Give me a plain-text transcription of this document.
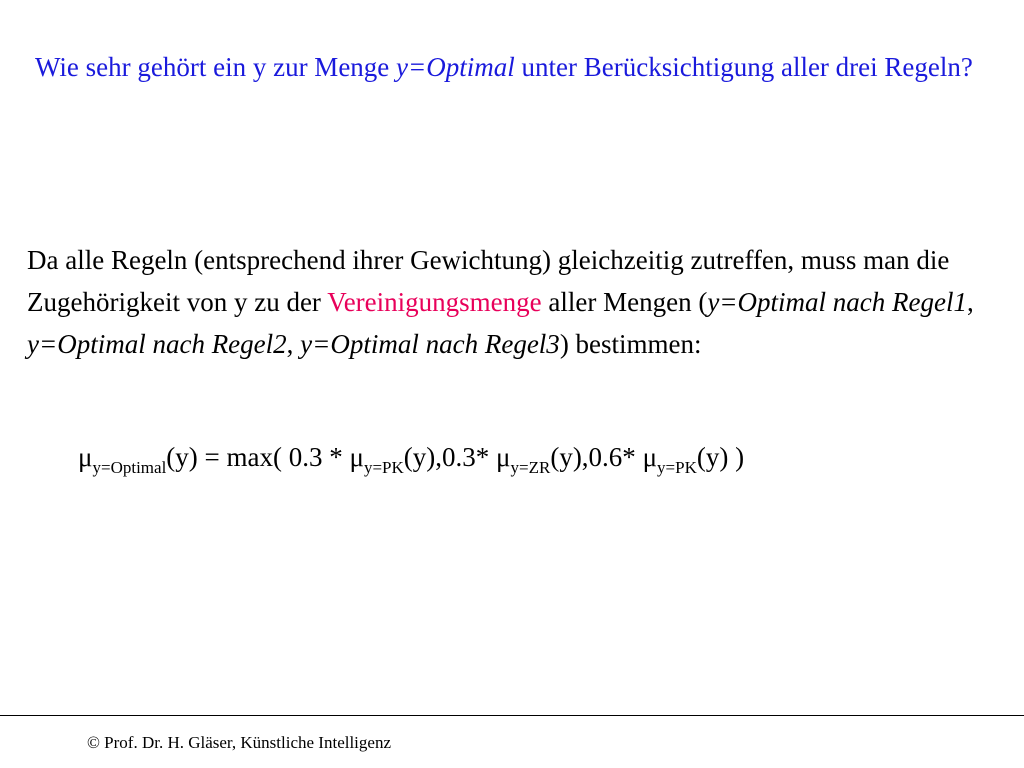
Wie sehr gehört ein y zur Menge y=Optimal unter Berücksichtigung aller drei Regeln?
Da alle Regeln (entsprechend ihrer Gewichtung) gleichzeitig zutreffen, muss man die Zugehörigkeit von y zu der Vereinigungsmenge aller Mengen (y=Optimal nach Regel1, y=Optimal nach Regel2, y=Optimal nach Regel3) bestimmen:
$\mu_{y=Optimal}(y) = \max$( $0.3 * \mu_{y=PK}(y),0.3*$ $\mu_{y=ZR}(y),0.6*$ $\mu_{y=PK}(y)$ )
© Prof. Dr. H. Gläser, Künstliche Intelligenz
